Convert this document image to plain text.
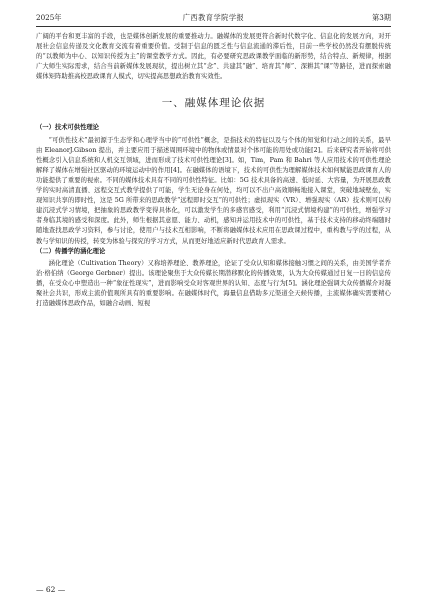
2025年	广西教育学院学报	第3期

广阔的平台和更丰富的手段，也是媒体创新发展的重要推动力。融媒体的发展更符合新时代数字化、信息化的发展方向，对开展社会信息传递及文化教育交流有着重要价值。受制于信息的匮乏性与信息流通的滞后性，目前一些学校仍然没有摆脱传统的“以教师为中心、以知识传授为主”的课堂教学方式。因此，有必要研究思政课教学面临的新形势，结合特点、新规律，根据广大师生实际需求，结合当前新媒体发展现状，提出树立其“念”、共建其“融”、培育其“师”、深耕其“课”等路径，进而探索融媒体矩阵助推高校思政课育人模式，切实提高思想政治教育实效性。

一、融媒体理论依据
（一）技术可供性理论

“可供性技术”最初源于生态学和心理学当中的“可供性”概念，是指技术的特征以及与个体的知觉和行动之间的关系，最早由 EleanorJ.Gibson 提出，并主要应用于描述周围环境中的物体或情景对个体可能的用处或功能[2]。后来研究者开始将可供性概念引入信息系统和人机交互领域，进而形成了技术可供性理论[3]。如，Tim，Pam 和 Bahri 等人应用技术的可供性理论解释了媒体在增强社区驱动的环境运动中的作用[4]。在融媒体的语境下，技术的可供性为理解媒体技术如何赋能思政课育人的功能提供了重要的视索。不同的媒体技术具有不同的可供性特征。比如：5G 技术具备的高速、低时延、大容量，为开展思政教学的实时高清直播、远程交互式教学提供了可能，学生无论身在何处，均可以不出户高效顺畅地接入课堂，突破地域壁垒，实现知识共享的即时性，这是 5G 所带来的思政教学“远程即时交互”的可供性；虚拟现实（VR）、增强现实（AR）技术则可以构建沉浸式学习情境，把抽象的思政教学变得具体化，可以激发学生的多感官感受，利用“沉浸式情境构建”的可供性，增强学习者身临其境的感受和深度。此外，师生根据其意愿、能力、动机，感知并运用技术中的可供性，基于技术支持的移动终端随时随地查找思政学习资料，参与讨论，使用户与技术互相影响，不断将融媒体技术应用在思政课过程中，重构教与学的过程，从教与学知识的传授，转变为体验与探究的学习方式，从而更好地适应新时代思政育人需求。

（二）传播学的涵化理论

涵化理论（Cultivation Theory）又称培养理论、教养理论，论证了受众认知和媒体接触习惯之间的关系，由美国学者乔治·格伯纳（George Gerbner）提出。该理论聚焦于大众传媒长期潜移默化的传播效果，认为大众传媒通过日复一日的信息传播，在受众心中塑造出一种“象征性现实”，进而影响受众对客观世界的认知、态度与行为[5]。涵化理论强调大众传播媒介对凝聚社会共识，形成主流价值观所具有的重要影响。在融媒体时代，海量信息借助多元渠道全天候传播，主流媒体确实需要精心打造融媒体思政作品，如融合动画、短视

— 62 —
